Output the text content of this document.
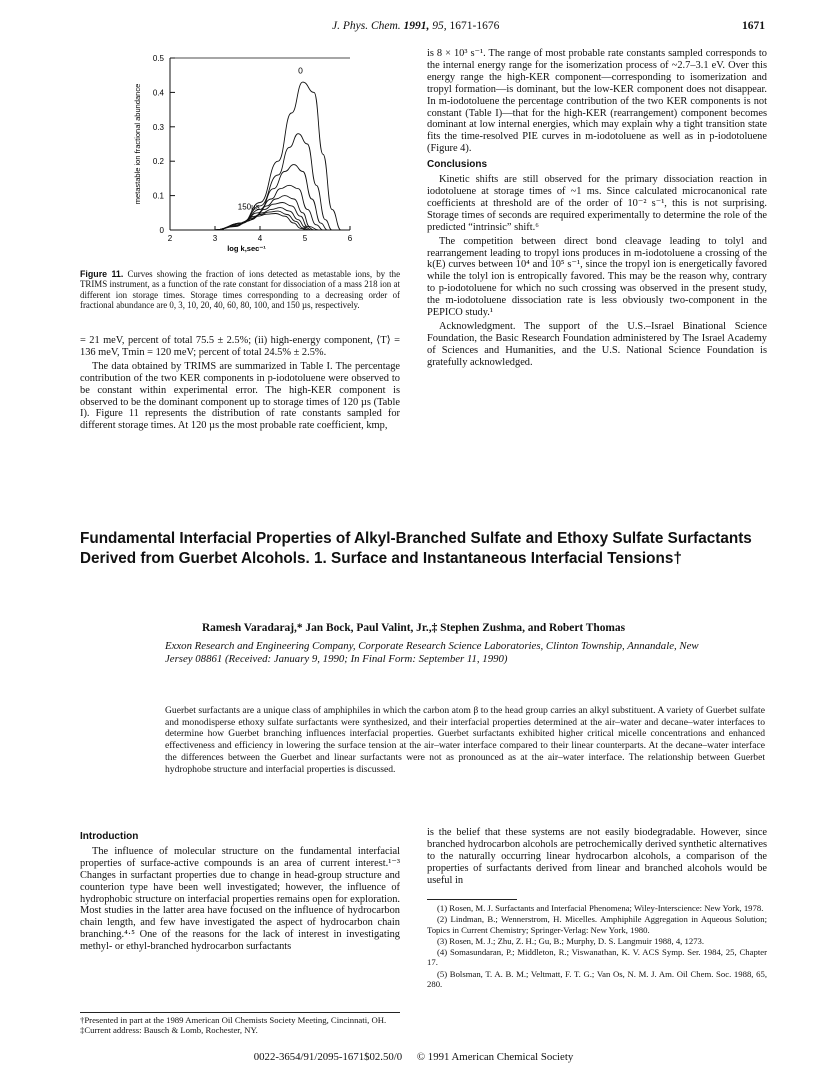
J. Phys. Chem. 1991, 95, 1671-1676	1671
0
0.1
0.2
0.3
0.4
0.5
2	3	4	5	6
log k,sec⁻¹
metastable ion fractional abundance
0
150µs
Figure 11. Curves showing the fraction of ions detected as metastable ions, by the TRIMS instrument, as a function of the rate constant for dissociation of a mass 218 ion at different ion storage times. Storage times corresponding to a decreasing order of fractional abundance are 0, 3, 10, 20, 40, 60, 80, 100, and 150 µs, respectively.

= 21 meV, percent of total 75.5 ± 2.5%; (ii) high-energy component, ⟨T⟩ = 136 meV, Tmin = 120 meV; percent of total 24.5% ± 2.5%.

The data obtained by TRIMS are summarized in Table I. The percentage contribution of the two KER components in p-iodotoluene were observed to be constant within experimental error. The high-KER component is observed to be the dominant component up to storage times of 120 µs (Table I). Figure 11 represents the distribution of rate constants sampled for different storage times. At 120 µs the most probable rate coefficient, kmp,

is 8 × 10³ s⁻¹. The range of most probable rate constants sampled corresponds to the internal energy range for the isomerization process of ~2.7–3.1 eV. Over this energy range the high-KER component—corresponding to isomerization and tropyl formation—is dominant, but the low-KER component does not disappear. In m-iodotoluene the percentage contribution of the two KER components is not constant (Table I)—that for the high-KER (rearrangement) component becomes dominant at low internal energies, which may explain why a tight transition state fits the time-resolved PIE curves in m-iodotoluene as well as in p-iodotoluene (Figure 4).

Conclusions

Kinetic shifts are still observed for the primary dissociation reaction in iodotoluene at storage times of ~1 ms. Since calculated microcanonical rate coefficients at threshold are of the order of 10⁻² s⁻¹, this is not surprising. Storage times of seconds are required experimentally to determine the role of the predicted “intrinsic” shift.⁶

The competition between direct bond cleavage leading to tolyl and rearrangement leading to tropyl ions produces in m-iodotoluene a crossing of the k(E) curves between 10⁴ and 10⁵ s⁻¹, since the tropyl ion is energetically favored while the tolyl ion is entropically favored. This may be the reason why, contrary to p-iodotoluene for which no such crossing was observed in the present study, the m-iodotoluene dissociation rate is less obviously two-component in the PEPICO study.¹

Acknowledgment. The support of the U.S.–Israel Binational Science Foundation, the Basic Research Foundation administered by The Israel Academy of Sciences and Humanities, and the U.S. National Science Foundation is gratefully acknowledged.

Fundamental Interfacial Properties of Alkyl-Branched Sulfate and Ethoxy Sulfate Surfactants Derived from Guerbet Alcohols. 1. Surface and Instantaneous Interfacial Tensions†
Ramesh Varadaraj,* Jan Bock, Paul Valint, Jr.,‡ Stephen Zushma, and Robert Thomas
Exxon Research and Engineering Company, Corporate Research Science Laboratories, Clinton Township, Annandale, New Jersey 08861 (Received: January 9, 1990; In Final Form: September 11, 1990)
Guerbet surfactants are a unique class of amphiphiles in which the carbon atom β to the head group carries an alkyl substituent. A variety of Guerbet sulfate and monodisperse ethoxy sulfate surfactants were synthesized, and their interfacial properties determined at the air–water and decane–water interfaces to determine how Guerbet branching influences interfacial properties. Guerbet surfactants exhibited higher critical micelle concentrations and enhanced effectiveness and efficiency in lowering the surface tension at the air–water interface compared to their linear counterparts. At the decane–water interface the differences between the Guerbet and linear surfactants were not as pronounced as at the air–water interface. The relationship between Guerbet hydrophobe structure and interfacial properties is discussed.
Introduction

The influence of molecular structure on the fundamental interfacial properties of surface-active compounds is an area of current interest.¹⁻³ Changes in surfactant properties due to change in head-group structure and counterion type have been well investigated; however, the influence of hydrophobic structure on interfacial properties remains open for exploration. Most studies in the latter area have focused on the influence of hydrocarbon chain length, and few have investigated the aspect of hydrocarbon chain branching.⁴·⁵ One of the reasons for the lack of interest in investigating methyl- or ethyl-branched hydrocarbon surfactants

is the belief that these systems are not easily biodegradable. However, since branched hydrocarbon alcohols are petrochemically derived synthetic alternatives to the naturally occurring linear hydrocarbon alcohols, a comparison of the properties of surfactants derived from linear and branched alcohols would be useful in

(1) Rosen, M. J. Surfactants and Interfacial Phenomena; Wiley-Interscience: New York, 1978.

(2) Lindman, B.; Wennerstrom, H. Micelles. Amphiphile Aggregation in Aqueous Solution; Topics in Current Chemistry; Springer-Verlag: New York, 1980.

(3) Rosen, M. J.; Zhu, Z. H.; Gu, B.; Murphy, D. S. Langmuir 1988, 4, 1273.

(4) Somasundaran, P.; Middleton, R.; Viswanathan, K. V. ACS Symp. Ser. 1984, 25, Chapter 17.

(5) Bolsman, T. A. B. M.; Veltmatt, F. T. G.; Van Os, N. M. J. Am. Oil Chem. Soc. 1988, 65, 280.

†Presented in part at the 1989 American Oil Chemists Society Meeting, Cincinnati, OH.
‡Current address: Bausch & Lomb, Rochester, NY.
0022-3654/91/2095-1671$02.50/0 © 1991 American Chemical Society
